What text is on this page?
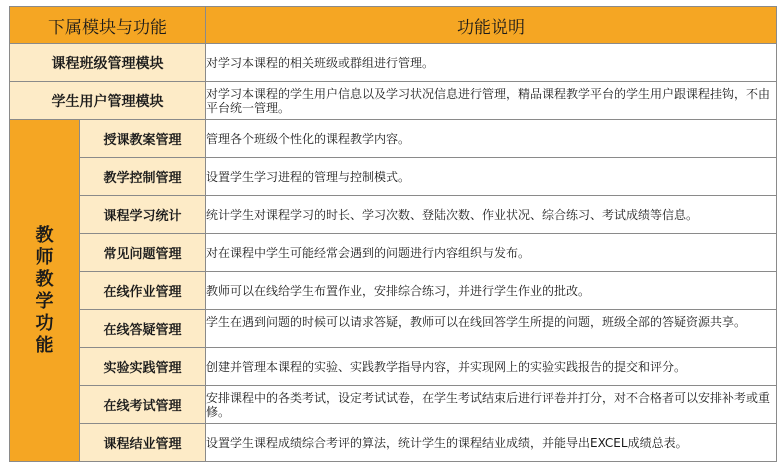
下属模块与功能		功能说明
课程班级管理模块		对学习本课程的相关班级或群组进行管理。

学生用户管理模块		对学习本课程的学生用户信息以及学习状况信息进行管理，精品课程教学平台的学生用户跟课程挂钩，不由平台统一管理。

教师教学功能	授课教案管理	管理各个班级个性化的课程教学内容。

	教学控制管理	设置学生学习进程的管理与控制模式。

	课程学习统计	统计学生对课程学习的时长、学习次数、登陆次数、作业状况、综合练习、考试成绩等信息。

	常见问题管理	对在课程中学生可能经常会遇到的问题进行内容组织与发布。

	在线作业管理	教师可以在线给学生布置作业，安排综合练习，并进行学生作业的批改。

	在线答疑管理	学生在遇到问题的时候可以请求答疑，教师可以在线回答学生所提的问题，班级全部的答疑资源共享。

	实验实践管理	创建并管理本课程的实验、实践教学指导内容，并实现网上的实验实践报告的提交和评分。

	在线考试管理	安排课程中的各类考试，设定考试试卷，在学生考试结束后进行评卷并打分，对不合格者可以安排补考或重修。

	课程结业管理	设置学生课程成绩综合考评的算法，统计学生的课程结业成绩，并能导出EXCEL成绩总表。
